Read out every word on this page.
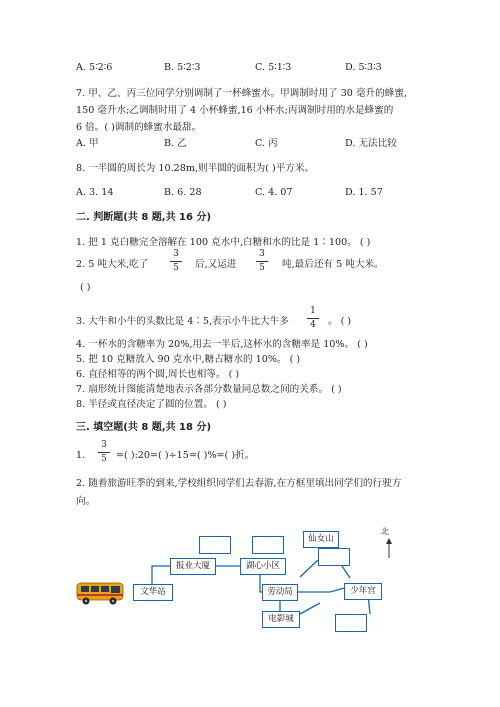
A. 5∶2∶6	B. 5∶2∶3	C. 5∶1∶3	D. 5∶3∶3
7. 甲、乙、丙三位同学分别调制了一杯蜂蜜水。甲调制时用了 30 毫升的蜂蜜,
150 毫升水;乙调制时用了 4 小杯蜂蜜,16 小杯水;丙调制时用的水是蜂蜜的
6 倍。( )调制的蜂蜜水最甜。
A. 甲	B. 乙	C. 丙	D. 无法比较
8. 一半圆的周长为 10.28m,则半圆的面积为( )平方米。
A. 3. 14	B. 6. 28	C. 4. 07	D. 1. 57
二. 判断题(共 8 题,共 16 分)
1. 把 1 克白糖完全溶解在 100 克水中,白糖和水的比是 1∶100。 ( )
2. 5 吨大米,吃了
3
5	后,又运进
3
5	吨,最后还有 5 吨大米。
( )
3. 大牛和小牛的头数比是 4∶5,表示小牛比大牛多
1
4	。 ( )
4. 一杯水的含糖率为 20%,用去一半后,这杯水的含糖率是 10%。 ( )
5. 把 10 克糖放入 90 克水中,糖占糖水的 10%。 ( )
6. 直径相等的两个圆,周长也相等。 ( )
7. 扇形统计图能清楚地表示各部分数量同总数之间的关系。 ( )
8. 半径或直径决定了圆的位置。 ( )
三. 填空题(共 8 题,共 18 分)
1.
3
5 =( ):20=( )÷15=( )%=( )折。
2. 随着旅游旺季的到来,学校组织同学们去春游,在方框里填出同学们的行驶方
向。
报业大厦	湖心小区
文华站	劳动局
电影城
仙女山
少年宫
北
